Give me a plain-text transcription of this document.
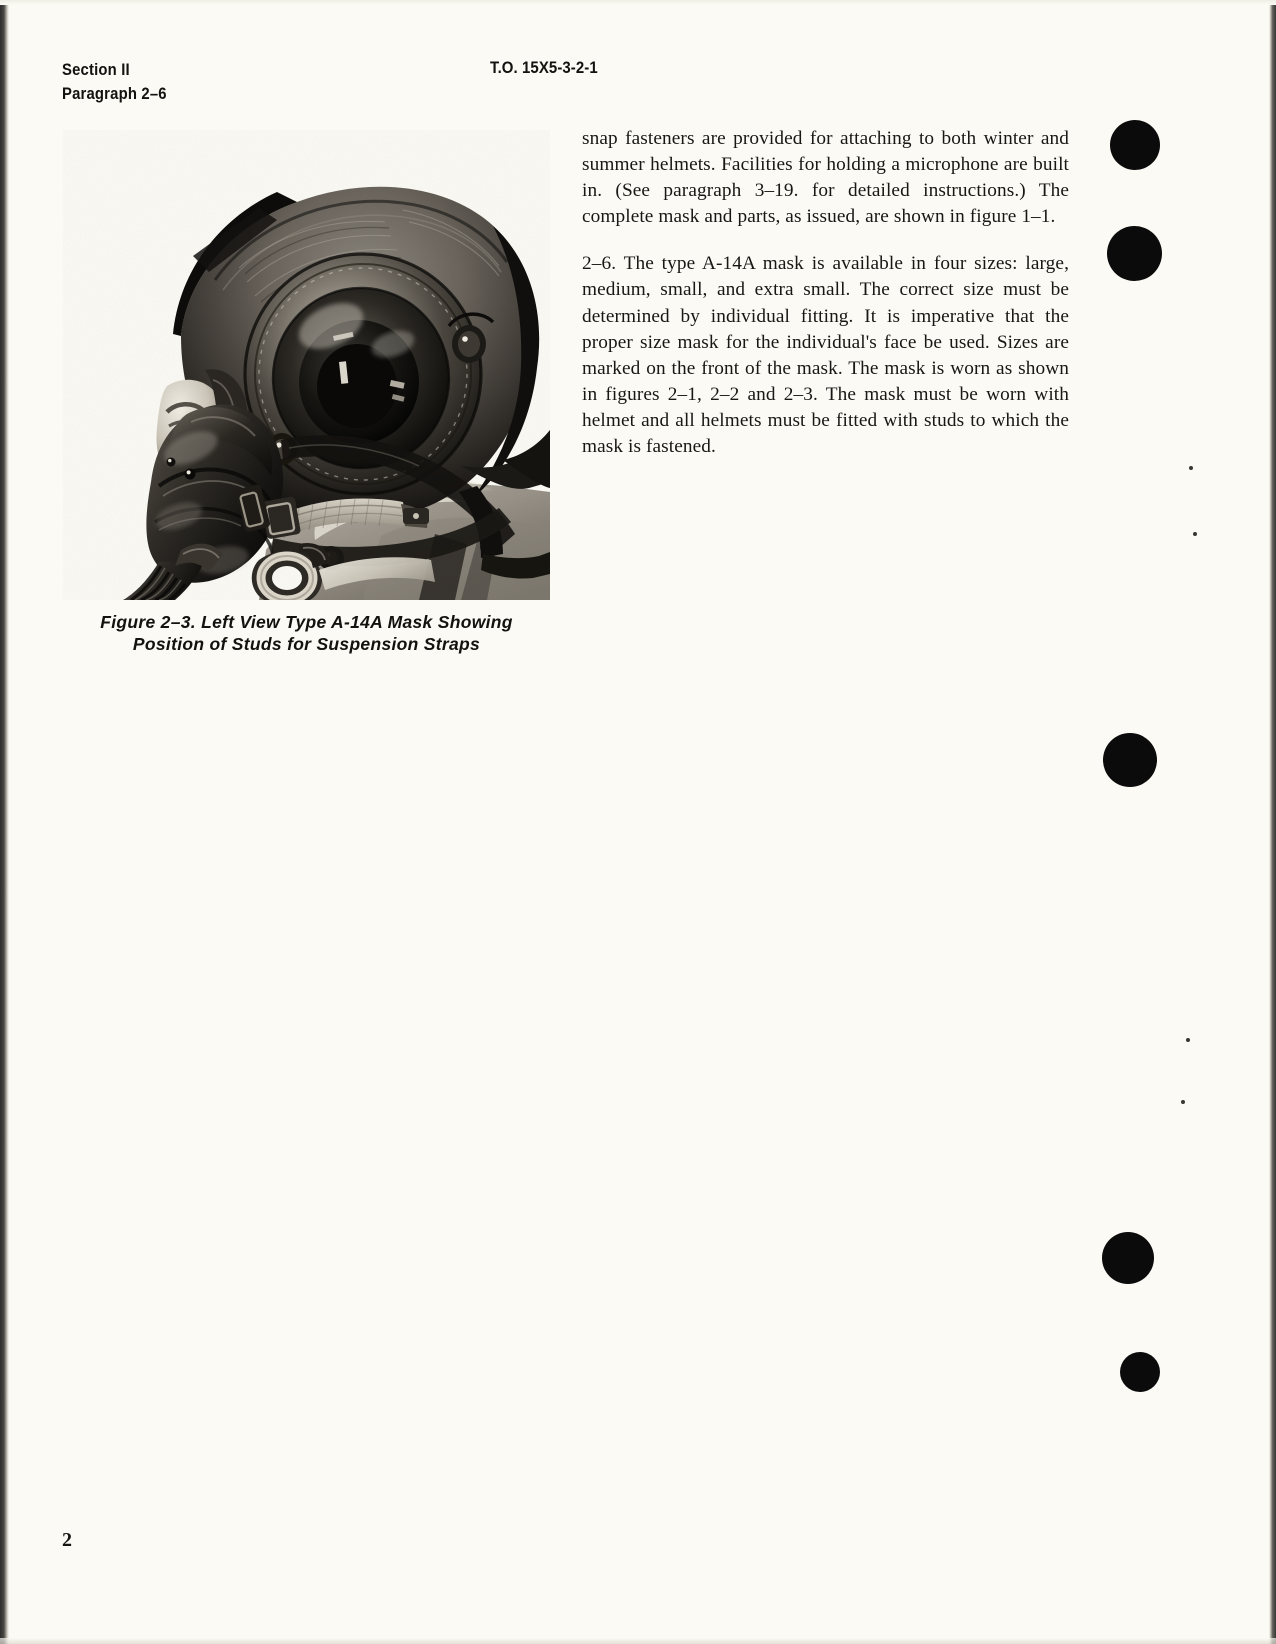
Section II
Paragraph 2–6
T.O. 15X5-3-2-1
Figure 2–3. Left View Type A-14A Mask Showing
Position of Studs for Suspension Straps

snap fasteners are provided for attaching to both winter and summer helmets. Facilities for holding a microphone are built in. (See paragraph 3–19. for detailed instructions.) The complete mask and parts, as issued, are shown in figure 1–1.

2–6. The type A-14A mask is available in four sizes: large, medium, small, and extra small. The correct size must be determined by individual fitting. It is imperative that the proper size mask for the individual's face be used. Sizes are marked on the front of the mask. The mask is worn as shown in figures 2–1, 2–2 and 2–3. The mask must be worn with helmet and all helmets must be fitted with studs to which the mask is fastened.

2
